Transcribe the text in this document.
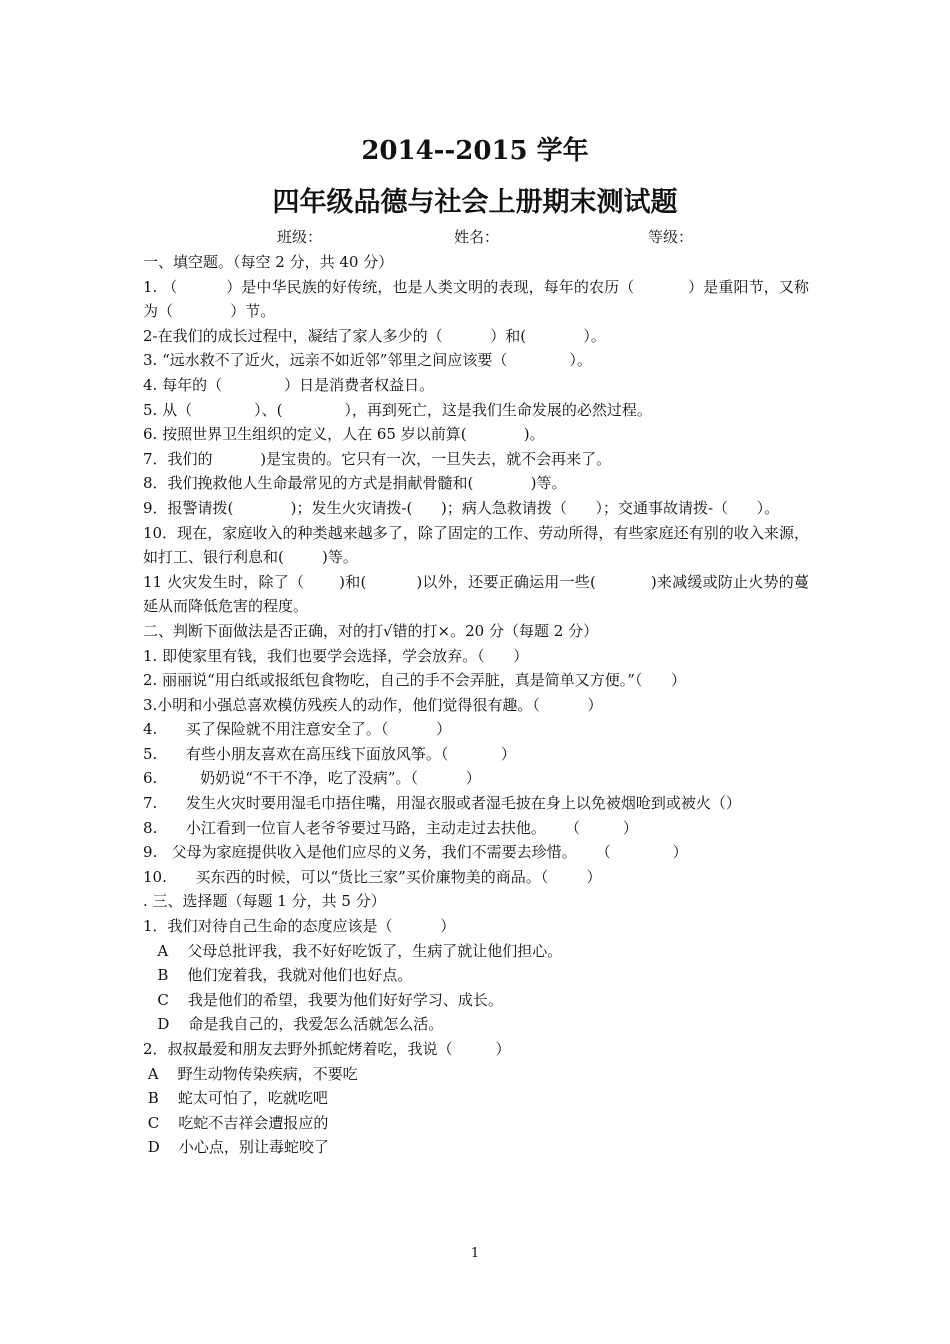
2014--2015 学年
四年级品德与社会上册期末测试题
班级：	姓名：	等级：

一、填空题。（每空 2 分，共 40 分）

1. （          ）是中华民族的好传统，也是人类文明的表现，每年的农历（           ）是重阳节，又称为（            ）节。

2-在我们的成长过程中，凝结了家人多少的（          ）和(            ）。

3. “远水救不了近火，远亲不如近邻”邻里之间应该要（             ）。

4. 每年的（             ）日是消费者权益日。

5. 从（             ）、(             ），再到死亡，这是我们生命发展的必然过程。

6. 按照世界卫生组织的定义，人在 65 岁以前算(            )。

7．我们的          )是宝贵的。它只有一次，一旦失去，就不会再来了。

8．我们挽救他人生命最常见的方式是捐献骨髓和(            )等。

9．报警请拨(            )；发生火灾请拨-(      )；病人急救请拨（      ）；交通事故请拨-（      ）。

10．现在，家庭收入的种类越来越多了，除了固定的工作、劳动所得，有些家庭还有别的收入来源，如打工、银行利息和(        )等。

11 火灾发生时，除了（       )和(          )以外，还要正确运用一些(           )来减缓或防止火势的蔓延从而降低危害的程度。

二、判断下面做法是否正确，对的打√错的打×。20 分（每题 2 分）

1. 即使家里有钱，我们也要学会选择，学会放弃。（      ）

2. 丽丽说“用白纸或报纸包食物吃，自己的手不会弄脏，真是简单又方便。”（      ）

3.小明和小强总喜欢模仿残疾人的动作，他们觉得很有趣。（          ）

4.      买了保险就不用注意安全了。（          ）

5.      有些小朋友喜欢在高压线下面放风筝。（           ）

6.         奶奶说“不干不净，吃了没病”。（          ）

7.      发生火灾时要用湿毛巾捂住嘴，用湿衣服或者湿毛披在身上以免被烟呛到或被火（）

8.      小江看到一位盲人老爷爷要过马路，主动走过去扶他。    （         ）

9.   父母为家庭提供收入是他们应尽的义务，我们不需要去珍惜。    （             ）

10.      买东西的时候，可以“货比三家”买价廉物美的商品。（        ）

. 三、选择题（每题 1 分，共 5 分）

1．我们对待自己生命的态度应该是（          ）

A    父母总批评我，我不好好吃饭了，生病了就让他们担心。

B    他们宠着我，我就对他们也好点。

C    我是他们的希望，我要为他们好好学习、成长。

D    命是我自己的，我爱怎么活就怎么活。

2．叔叔最爱和朋友去野外抓蛇烤着吃，我说（         ）

A    野生动物传染疾病，不要吃

B    蛇太可怕了，吃就吃吧

C    吃蛇不吉祥会遭报应的

D    小心点，别让毒蛇咬了

1
